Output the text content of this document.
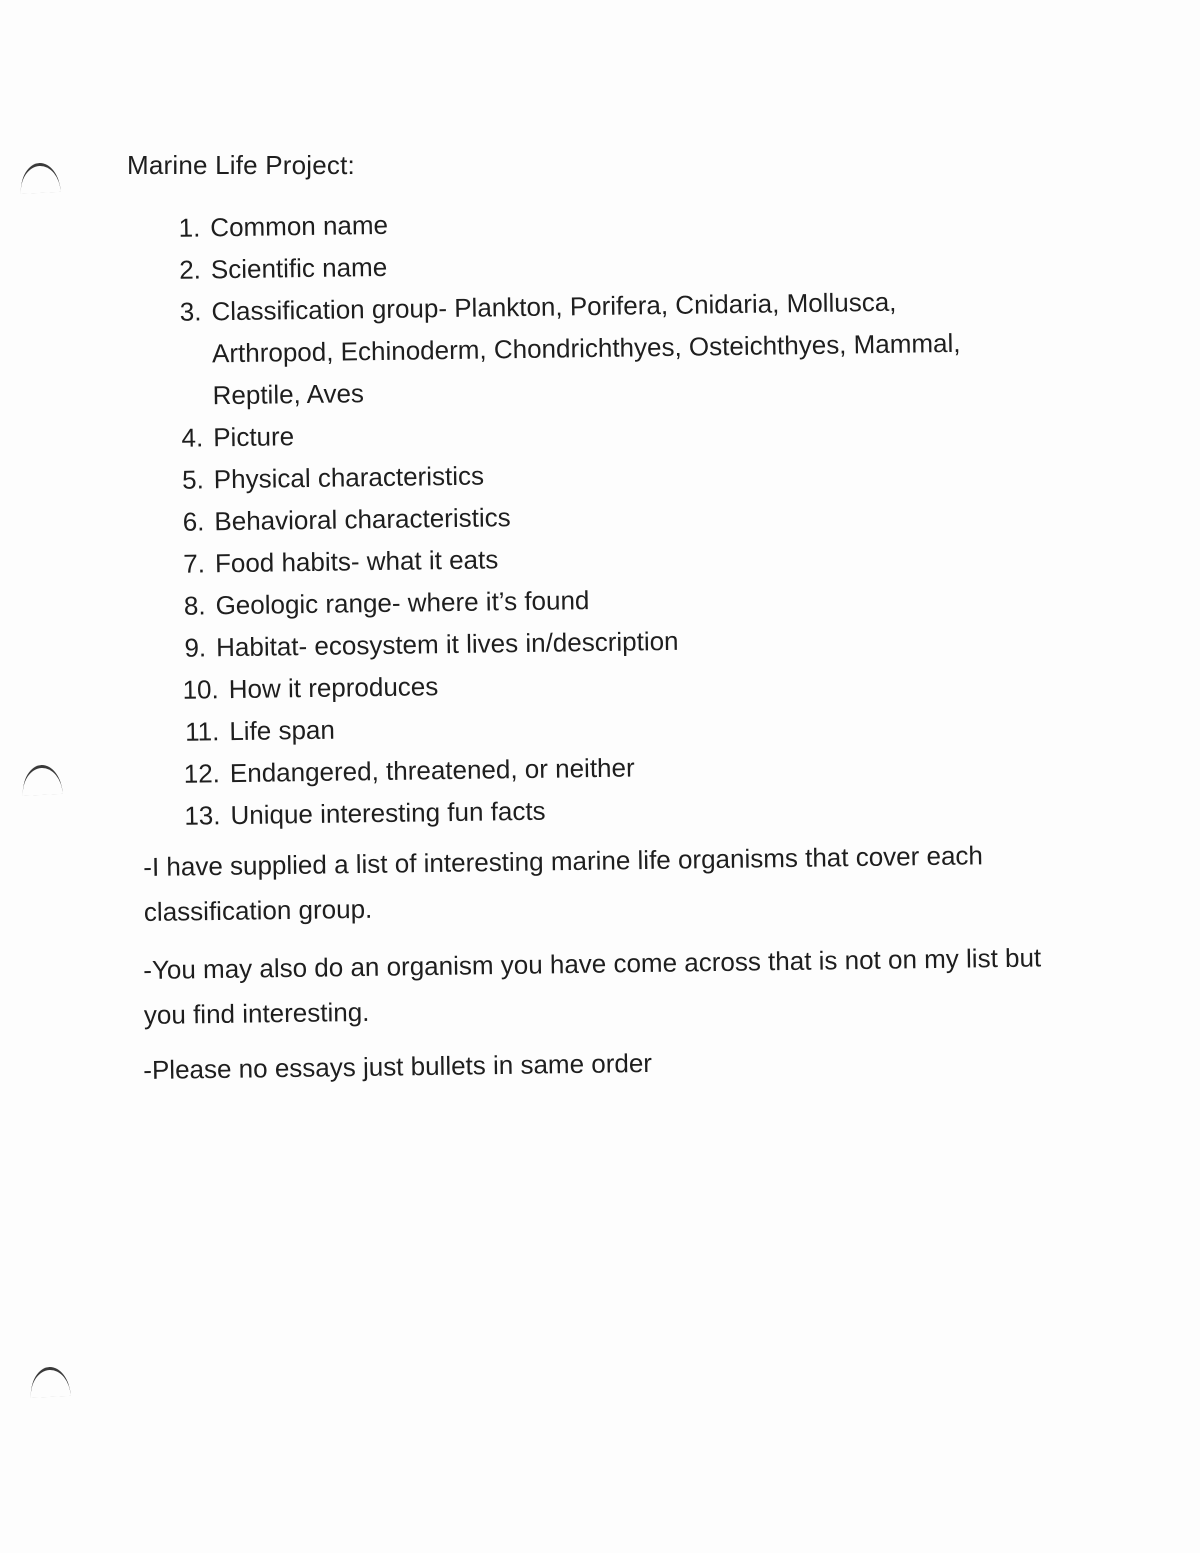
Marine Life Project:
1. Common name
2. Scientific name
3. Classification group- Plankton, Porifera, Cnidaria, Mollusca, Arthropod, Echinoderm, Chondrichthyes, Osteichthyes, Mammal, Reptile, Aves
4. Picture
5. Physical characteristics
6. Behavioral characteristics
7. Food habits- what it eats
8. Geologic range- where it’s found
9. Habitat- ecosystem it lives in/description
10. How it reproduces
11. Life span
12. Endangered, threatened, or neither
13. Unique interesting fun facts

-I have supplied a list of interesting marine life organisms that cover each classification group.

-You may also do an organism you have come across that is not on my list but you find interesting.

-Please no essays just bullets in same order
